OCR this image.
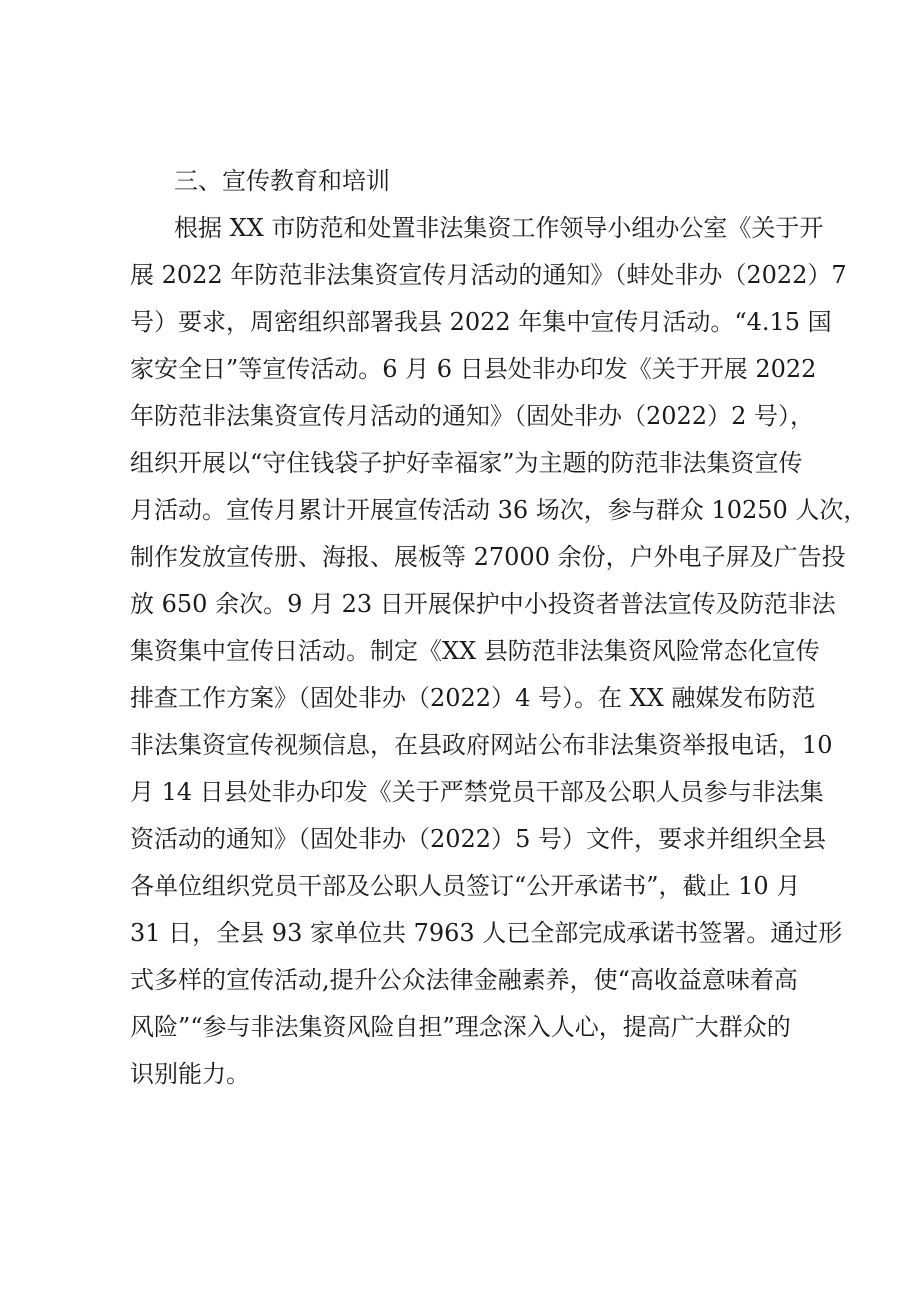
三、宣传教育和培训
根据 XX 市防范和处置非法集资工作领导小组办公室《关于开
展 2022 年防范非法集资宣传月活动的通知》（蚌处非办（2022）7
号）要求，周密组织部署我县 2022 年集中宣传月活动。“4.15 国
家安全日”等宣传活动。6 月 6 日县处非办印发《关于开展 2022
年防范非法集资宣传月活动的通知》（固处非办（2022）2 号），
组织开展以“守住钱袋子护好幸福家”为主题的防范非法集资宣传
月活动。宣传月累计开展宣传活动 36 场次，参与群众 10250 人次，
制作发放宣传册、海报、展板等 27000 余份，户外电子屏及广告投
放 650 余次。9 月 23 日开展保护中小投资者普法宣传及防范非法
集资集中宣传日活动。制定《XX 县防范非法集资风险常态化宣传
排查工作方案》（固处非办（2022）4 号）。在 XX 融媒发布防范
非法集资宣传视频信息，在县政府网站公布非法集资举报电话，10
月 14 日县处非办印发《关于严禁党员干部及公职人员参与非法集
资活动的通知》（固处非办（2022）5 号）文件，要求并组织全县
各单位组织党员干部及公职人员签订“公开承诺书”，截止 10 月
31 日，全县 93 家单位共 7963 人已全部完成承诺书签署。通过形
式多样的宣传活动,提升公众法律金融素养，使“高收益意味着高
风险”“参与非法集资风险自担”理念深入人心，提高广大群众的
识别能力。
